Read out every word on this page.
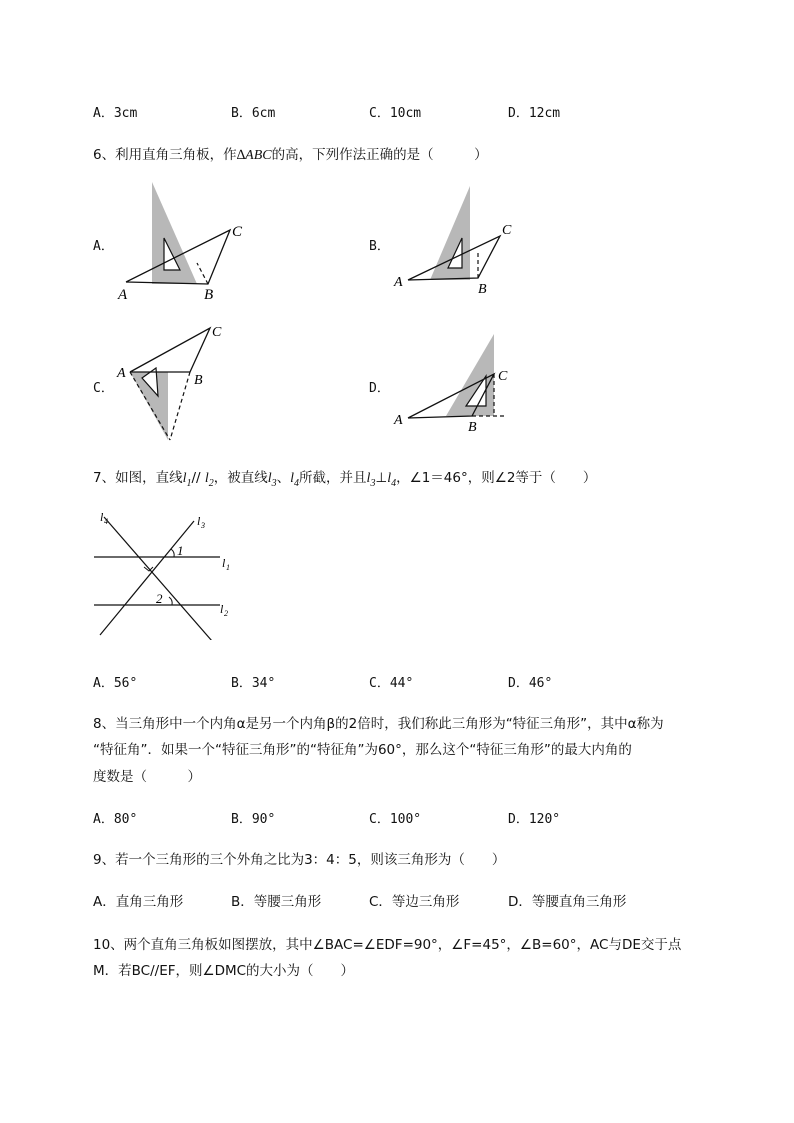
A．3cm	B．6cm	C．10cm	D．12cm
6、利用直角三角板，作∆ABC的高，下列作法正确的是（　　　）
A．
A	B
C
B．
A	B
C
C．
A	B
C
D．
A	B
C
7、如图，直线$l_1//$ $l_2$，被直线$l_3$、$l_4$所截，并且$l_3\perp l_4$，∠1＝46°，则∠2等于（　　）
l 4	l 3
l 1
l 2
1
2
A．56°	B．34°	C．44°	D．46°
8、当三角形中一个内角α是另一个内角β的2倍时，我们称此三角形为“特征三角形”，其中α称为
“特征角”．如果一个“特征三角形”的“特征角”为60°，那么这个“特征三角形”的最大内角的
度数是（　　　）
A．80°	B．90°	C．100°	D．120°
9、若一个三角形的三个外角之比为3：4：5，则该三角形为（　　）
A．直角三角形	B．等腰三角形	C．等边三角形	D．等腰直角三角形
10、两个直角三角板如图摆放，其中∠BAC=∠EDF=90°，∠F=45°，∠B=60°，AC与DE交于点
M．若BC//EF，则∠DMC的大小为（　　）
